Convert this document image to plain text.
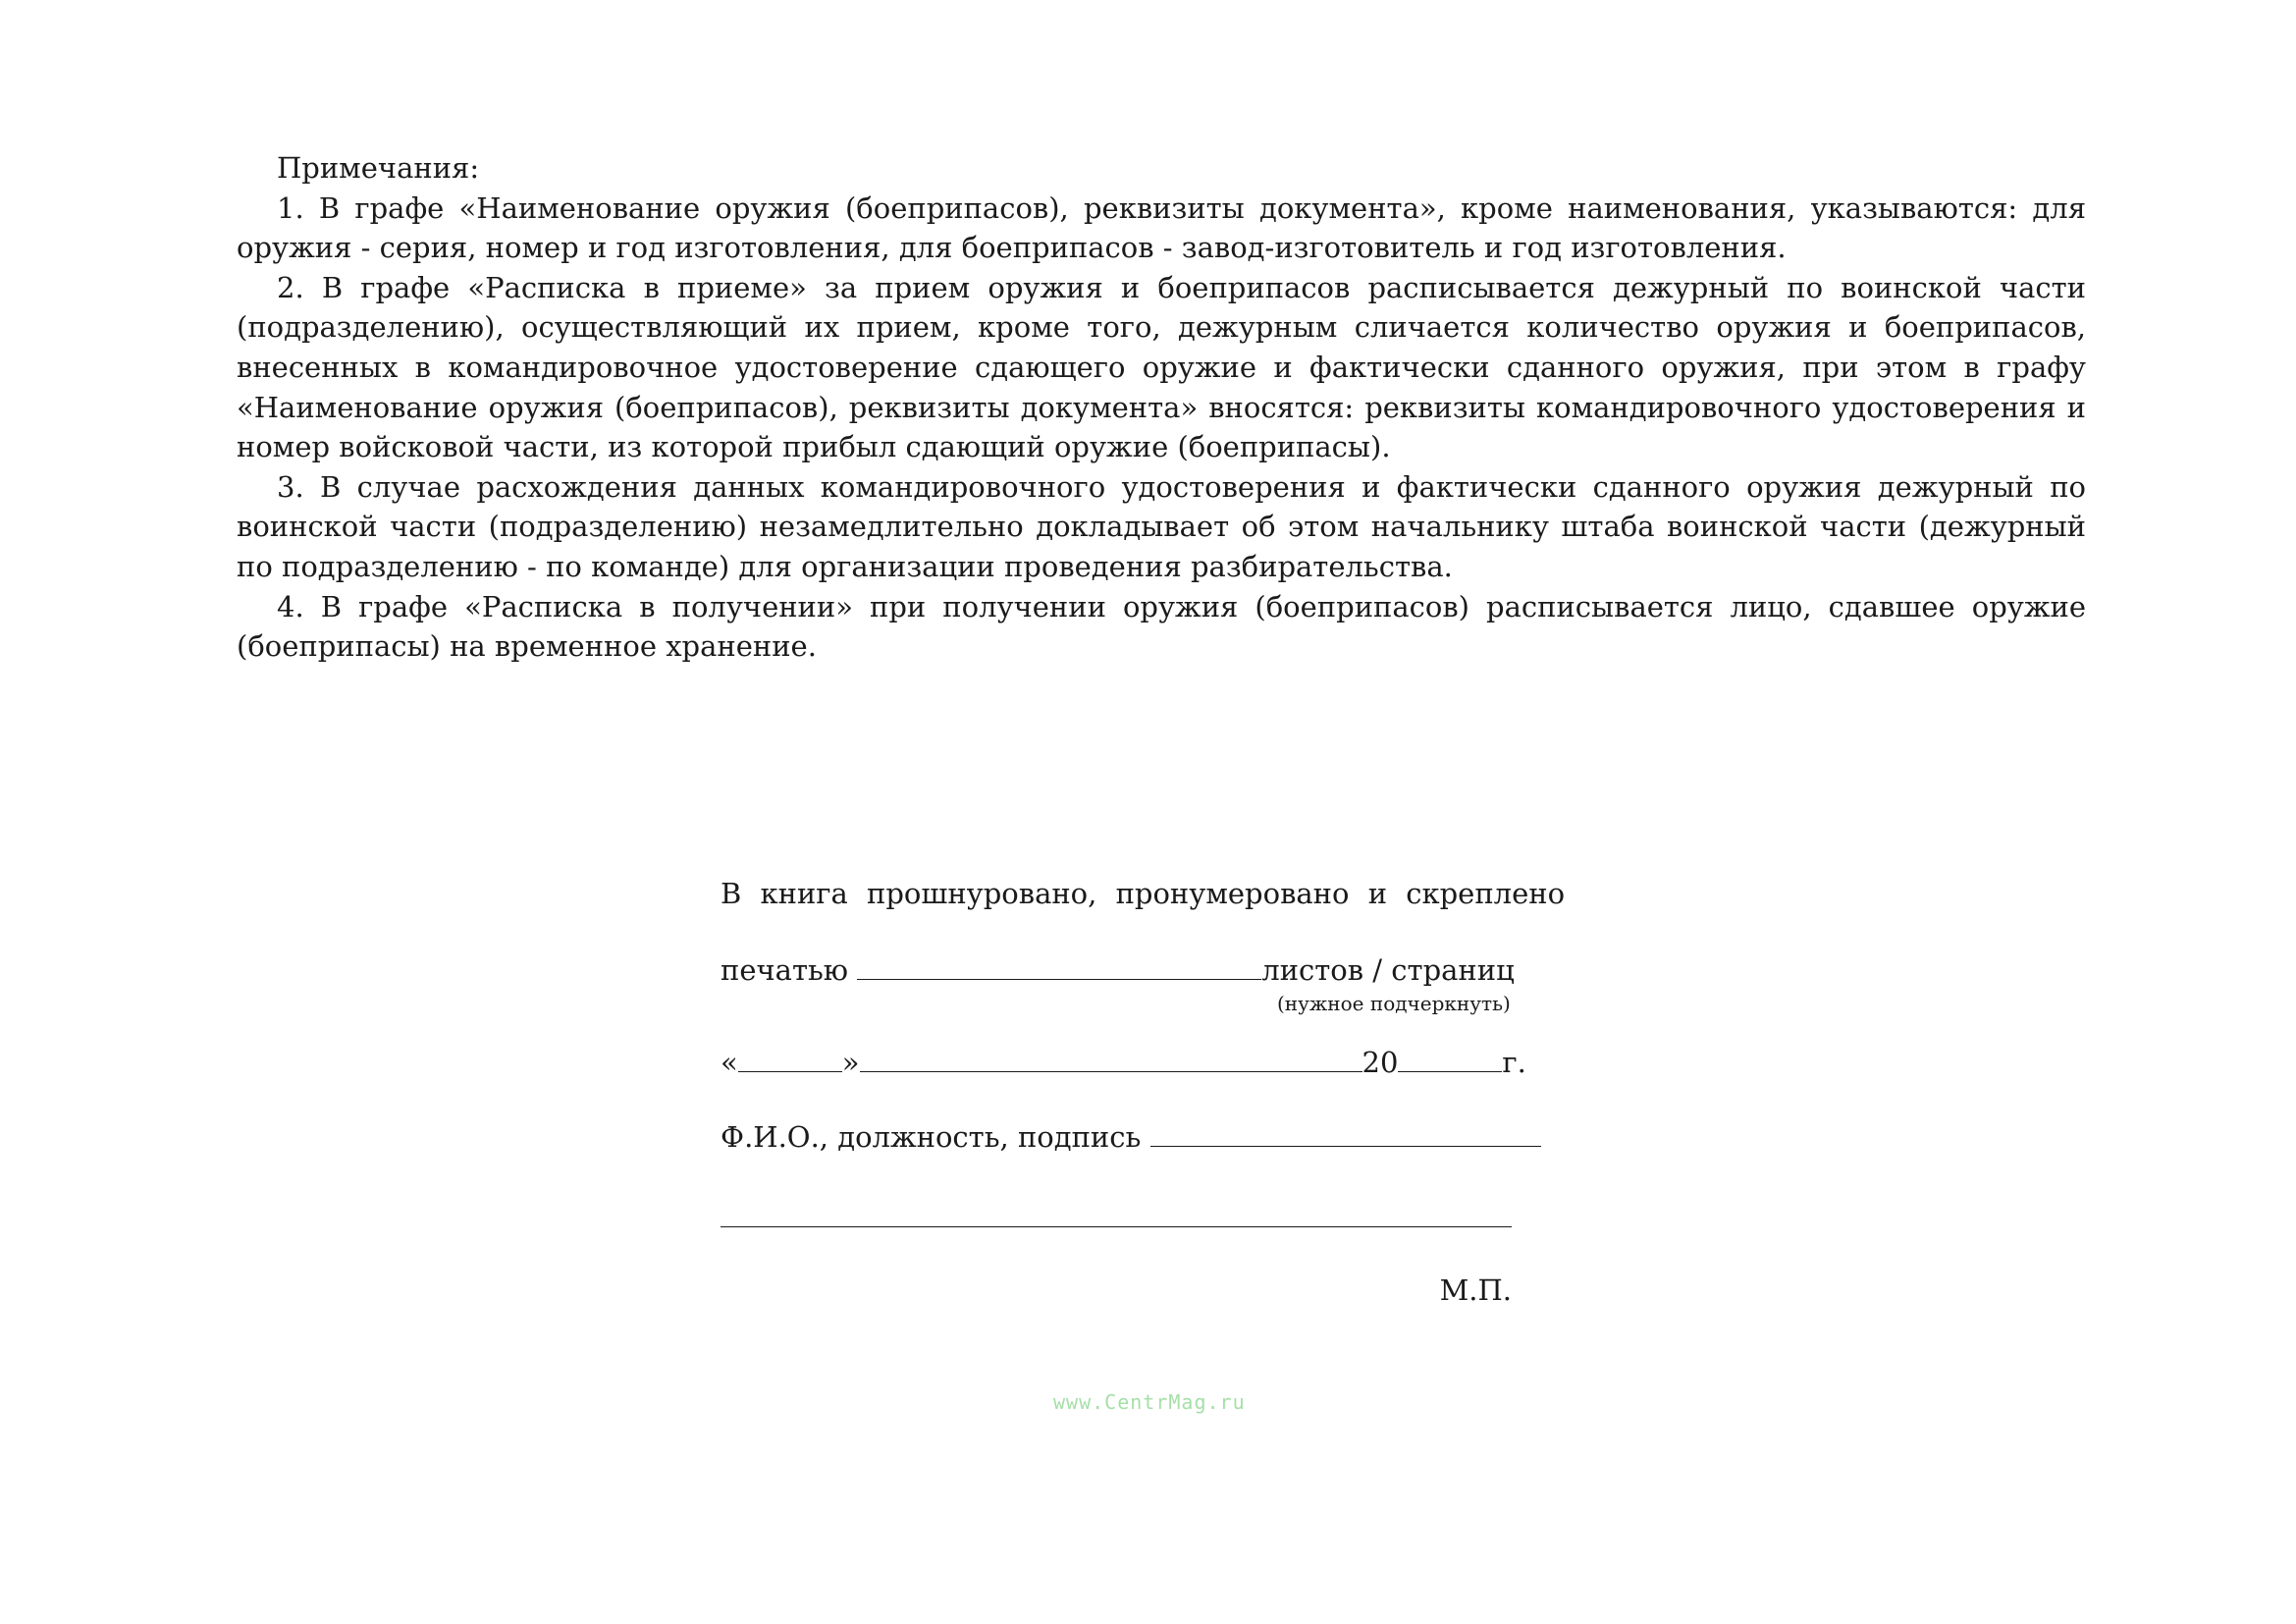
Примечания:

1. В графе «Наименование оружия (боеприпасов), реквизиты документа», кроме наименования, указываются: для оружия - серия, номер и год изготовления, для боеприпасов - завод-изготовитель и год изготовления.

2. В графе «Расписка в приеме» за прием оружия и боеприпасов расписывается дежурный по воинской части (подразделению), осуществляющий их прием, кроме того, дежурным сличается количество оружия и боеприпасов, внесенных в командировочное удостоверение сдающего оружие и фактически сданного оружия, при этом в графу «Наименование оружия (боеприпасов), реквизиты документа» вносятся: реквизиты командировочного удостоверения и номер войсковой части, из которой прибыл сдающий оружие (боеприпасы).

3. В случае расхождения данных командировочного удостоверения и фактически сданного оружия дежурный по воинской части (подразделению) незамедлительно докладывает об этом начальнику штаба воинской части (дежурный по подразделению - по команде) для организации проведения разбирательства.

4. В графе «Расписка в получении» при получении оружия (боеприпасов) расписывается лицо, сдавшее оружие (боеприпасы) на временное хранение.

В книга прошнуровано, пронумеровано и скреплено
печатью	листов / страниц
(нужное подчеркнуть)
«	»	20	г.
Ф.И.О., должность, подпись
М.П.
www.CentrMag.ru
